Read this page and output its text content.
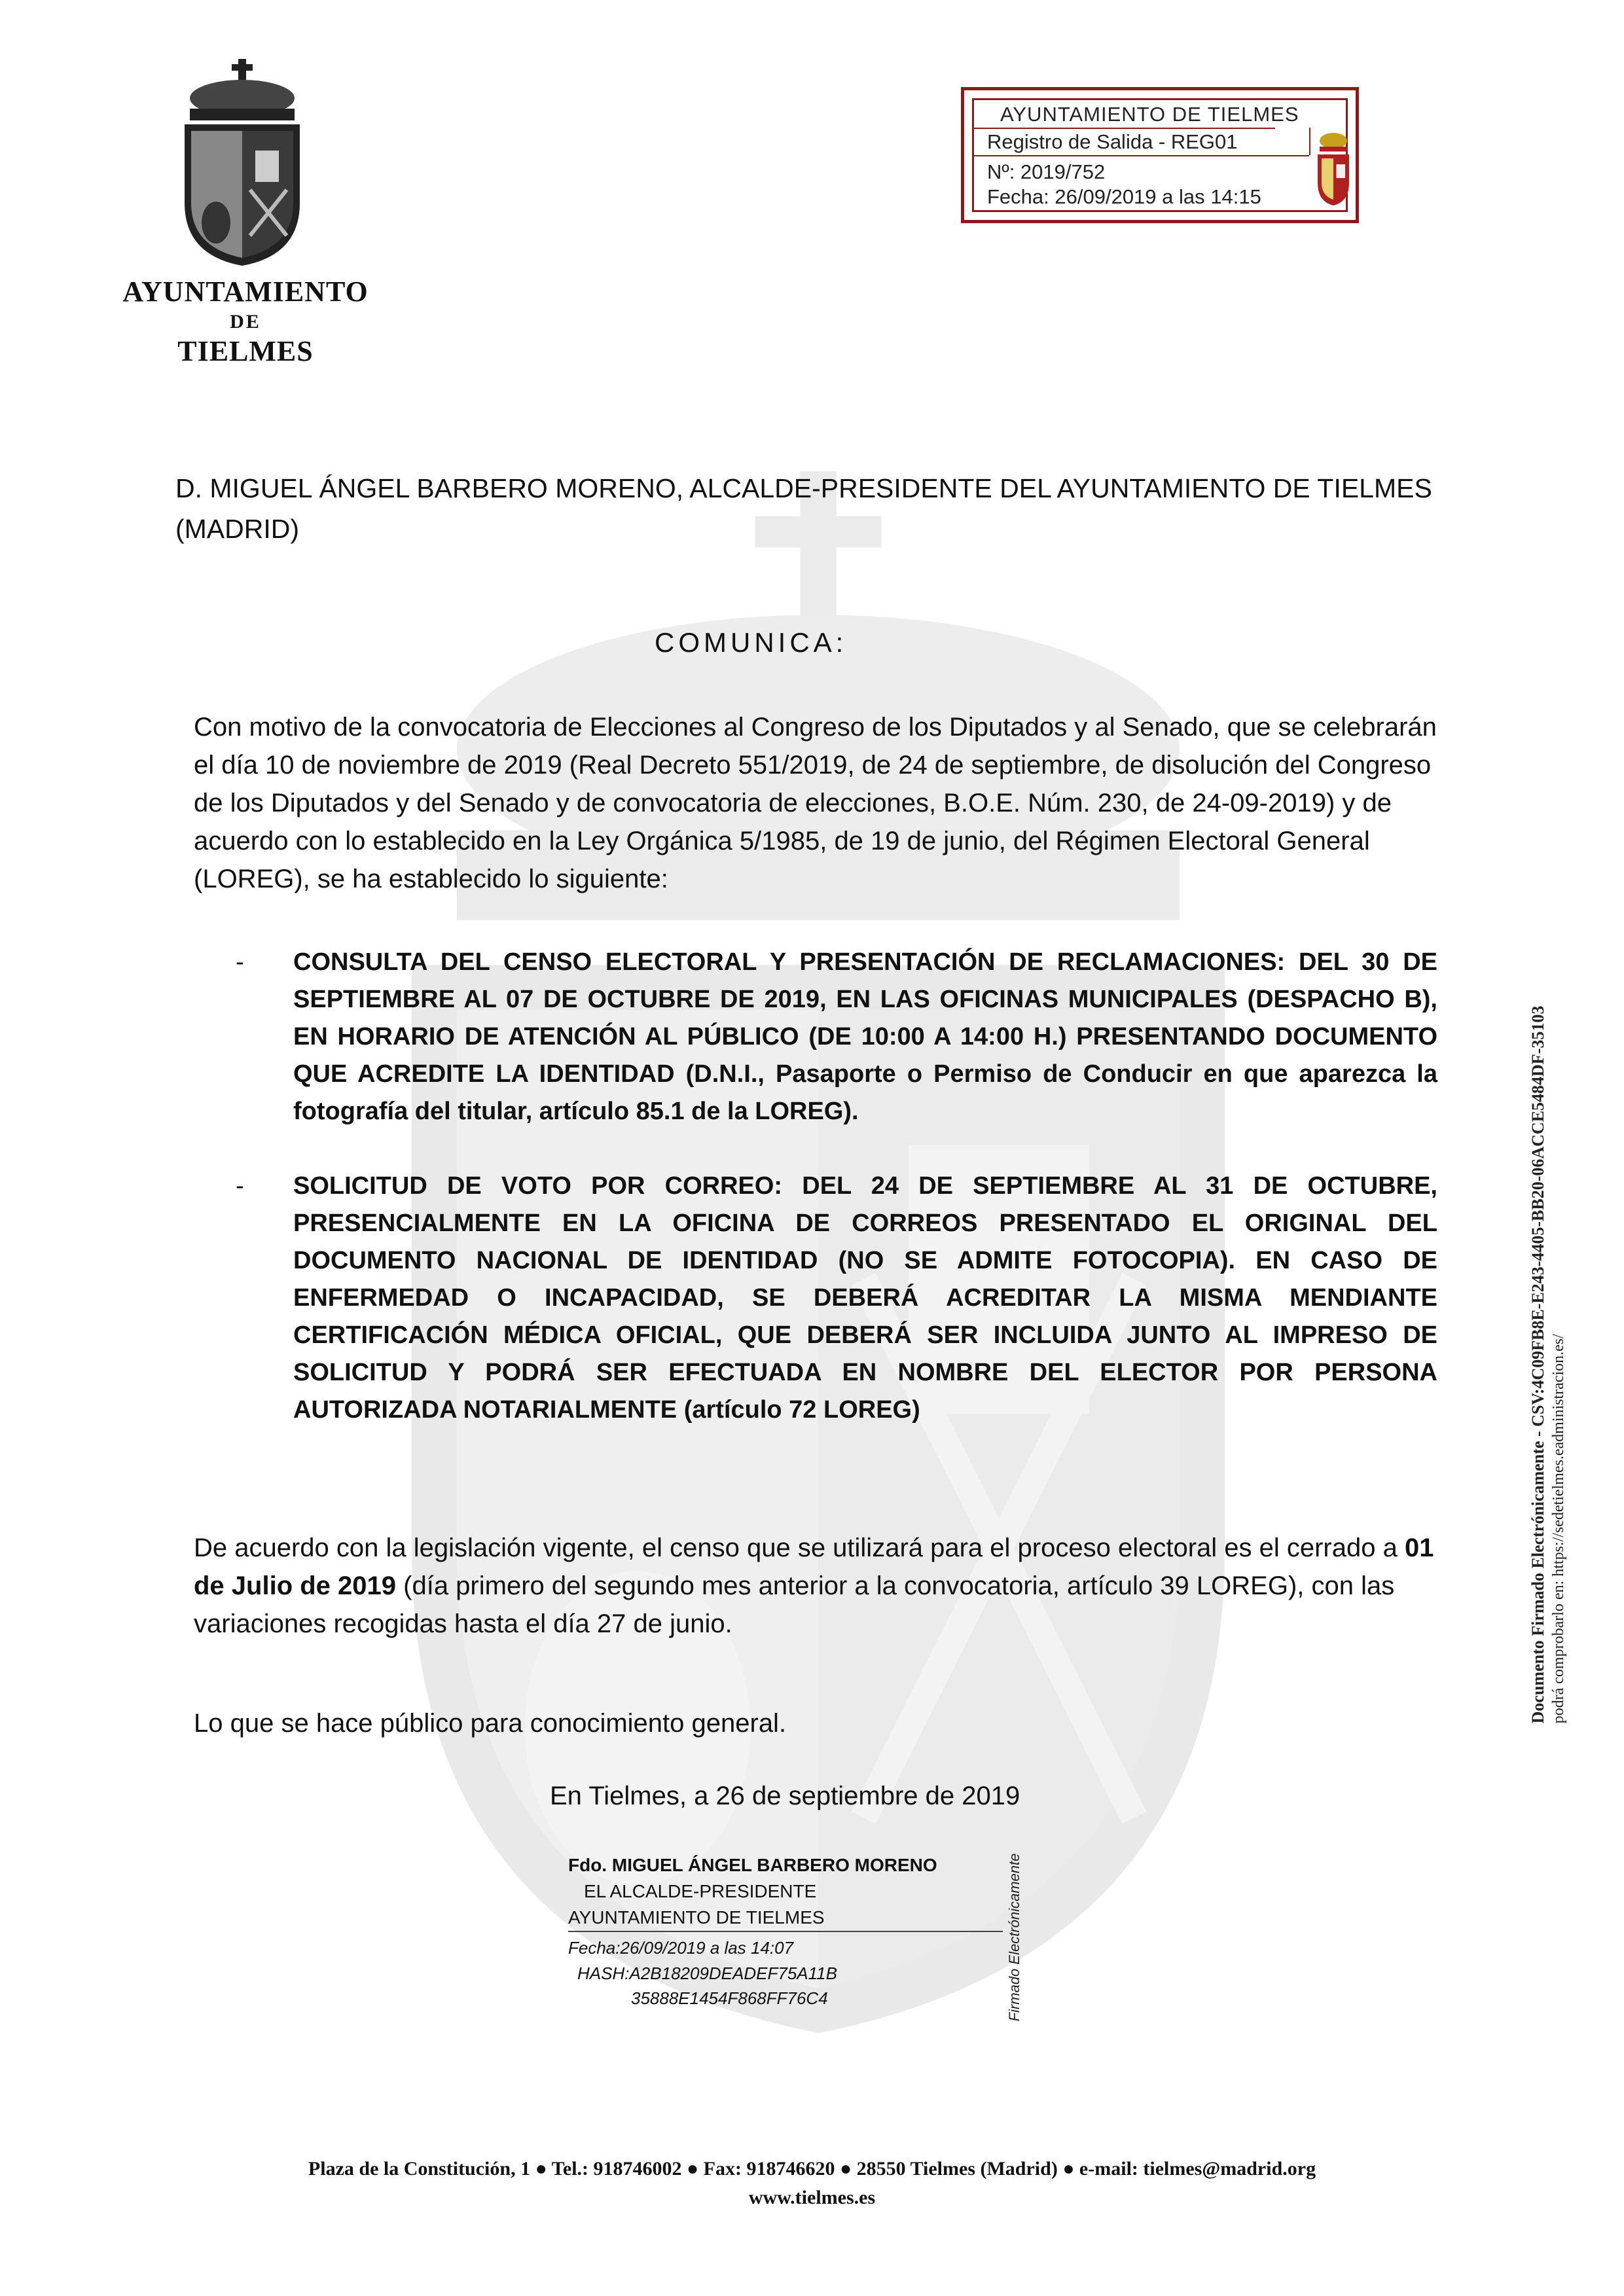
AYUNTAMIENTO
DE
TIELMES
AYUNTAMIENTO DE TIELMES
Registro de Salida - REG01
Nº: 2019/752
Fecha: 26/09/2019 a las 14:15
D. MIGUEL ÁNGEL BARBERO MORENO, ALCALDE-PRESIDENTE DEL AYUNTAMIENTO DE TIELMES (MADRID)
COMUNICA:
Con motivo de la convocatoria de Elecciones al Congreso de los Diputados y al Senado, que se celebrarán el día 10 de noviembre de 2019 (Real Decreto 551/2019, de 24 de septiembre, de disolución del Congreso de los Diputados y del Senado y de convocatoria de elecciones, B.O.E. Núm. 230, de 24-09-2019) y de acuerdo con lo establecido en la Ley Orgánica 5/1985, de 19 de junio, del Régimen Electoral General (LOREG), se ha establecido lo siguiente:
- CONSULTA DEL CENSO ELECTORAL Y PRESENTACIÓN DE RECLAMACIONES: DEL 30 DE SEPTIEMBRE AL 07 DE OCTUBRE DE 2019, EN LAS OFICINAS MUNICIPALES (DESPACHO B), EN HORARIO DE ATENCIÓN AL PÚBLICO (DE 10:00 A 14:00 H.) PRESENTANDO DOCUMENTO QUE ACREDITE LA IDENTIDAD (D.N.I., Pasaporte o Permiso de Conducir en que aparezca la fotografía del titular, artículo 85.1 de la LOREG).
- SOLICITUD DE VOTO POR CORREO: DEL 24 DE SEPTIEMBRE AL 31 DE OCTUBRE, PRESENCIALMENTE EN LA OFICINA DE CORREOS PRESENTADO EL ORIGINAL DEL DOCUMENTO NACIONAL DE IDENTIDAD (NO SE ADMITE FOTOCOPIA). EN CASO DE ENFERMEDAD O INCAPACIDAD, SE DEBERÁ ACREDITAR LA MISMA MENDIANTE CERTIFICACIÓN MÉDICA OFICIAL, QUE DEBERÁ SER INCLUIDA JUNTO AL IMPRESO DE SOLICITUD Y PODRÁ SER EFECTUADA EN NOMBRE DEL ELECTOR POR PERSONA AUTORIZADA NOTARIALMENTE (artículo 72 LOREG)
De acuerdo con la legislación vigente, el censo que se utilizará para el proceso electoral es el cerrado a 01 de Julio de 2019 (día primero del segundo mes anterior a la convocatoria, artículo 39 LOREG), con las variaciones recogidas hasta el día 27 de junio.
Lo que se hace público para conocimiento general.
En Tielmes, a 26 de septiembre de 2019
Fdo. MIGUEL ÁNGEL BARBERO MORENO
EL ALCALDE-PRESIDENTE
AYUNTAMIENTO DE TIELMES
Fecha:26/09/2019 a las 14:07
HASH:A2B18209DEADEF75A11B
35888E1454F868FF76C4	Firmado Electrónicamente
Documento Firmado Electrónicamente - CSV:4C09FB8E-E243-4405-BB20-06ACCE5484DF-35103 podrá comprobarlo en: https://sedetielmes.eadministracion.es/
Plaza de la Constitución, 1 ● Tel.: 918746002 ● Fax: 918746620 ● 28550 Tielmes (Madrid) ● e-mail: tielmes@madrid.org
www.tielmes.es
